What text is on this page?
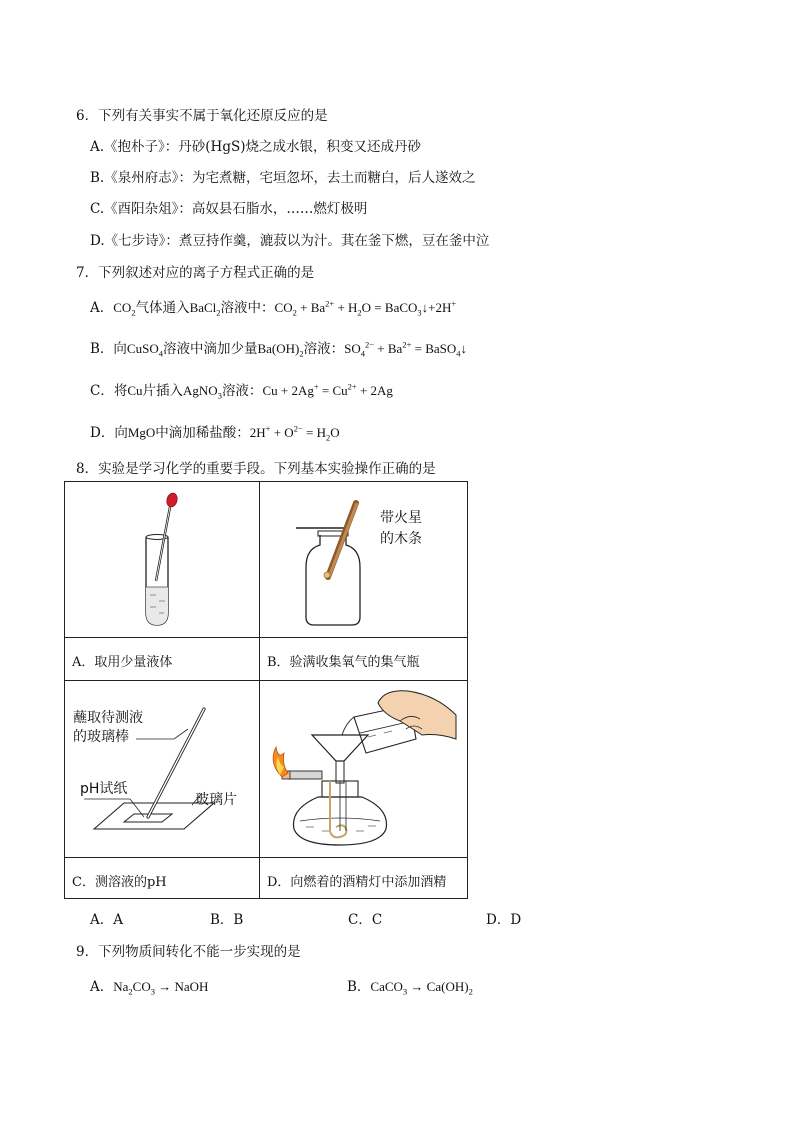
6．下列有关事实不属于氧化还原反应的是
A.《抱朴子》：丹砂(HgS)烧之成水银，积变又还成丹砂
B.《泉州府志》：为宅煮糖，宅垣忽坏，去土而糖白，后人遂效之
C.《酉阳杂俎》：高奴县石脂水，……燃灯极明
D.《七步诗》：煮豆持作羹，漉菽以为汁。萁在釜下燃，豆在釜中泣
7．下列叙述对应的离子方程式正确的是
A．$CO_2$气体通入BaCl$_2$溶液中：$CO_2 + Ba^{2+} + H_2O$ = BaCO$_3$↓+2H+
B．向CuSO$_4$溶液中滴加少量$Ba(OH)_2$溶液：$SO_4^{2-} + Ba^{2+}$ = BaSO$_4$↓
C．将Cu片插入AgNO$_3$溶液：$Cu + 2Ag^+ = Cu^{2+} + 2Ag$
D．向MgO中滴加稀盐酸：$2H^+ + O^{2-} = H_2O$
8．实验是学习化学的重要手段。下列基本实验操作正确的是
带火星
的木条
A．取用少量液体	B．验满收集氧气的集气瓶
蘸取待测液
的玻璃棒
pH试纸
玻璃片
C．测溶液的pH	D．向燃着的酒精灯中添加酒精
A．A	B．B	C．C	D．D
9．下列物质间转化不能一步实现的是
A．$Na_2CO_3$ → NaOH	B．CaCO$_3$ → $Ca(OH)_2$
